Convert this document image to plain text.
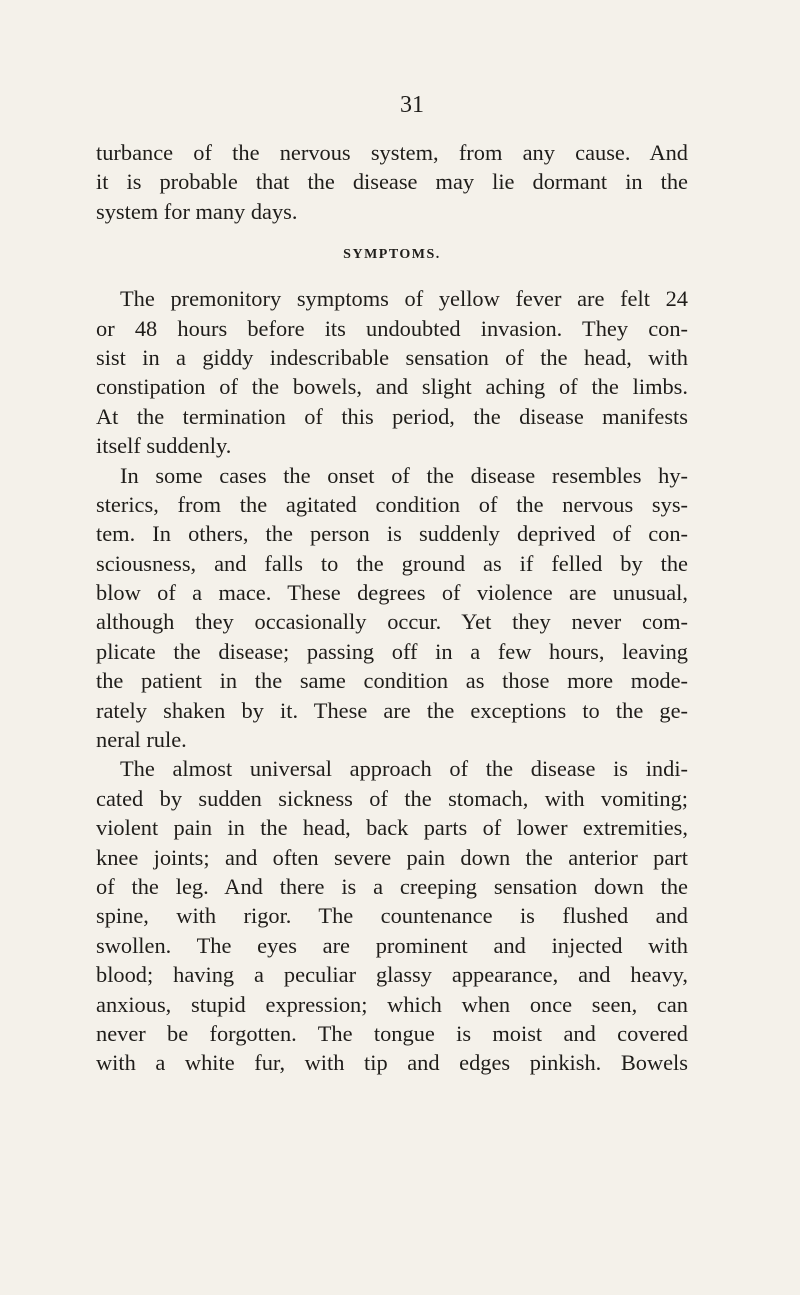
31
turbance of the nervous system, from any cause. And
it is probable that the disease may lie dormant in the
system for many days.
SYMPTOMS.
The premonitory symptoms of yellow fever are felt 24
or 48 hours before its undoubted invasion. They con-
sist in a giddy indescribable sensation of the head, with
constipation of the bowels, and slight aching of the limbs.
At the termination of this period, the disease manifests
itself suddenly.
In some cases the onset of the disease resembles hy-
sterics, from the agitated condition of the nervous sys-
tem. In others, the person is suddenly deprived of con-
sciousness, and falls to the ground as if felled by the
blow of a mace. These degrees of violence are unusual,
although they occasionally occur. Yet they never com-
plicate the disease; passing off in a few hours, leaving
the patient in the same condition as those more mode-
rately shaken by it. These are the exceptions to the ge-
neral rule.
The almost universal approach of the disease is indi-
cated by sudden sickness of the stomach, with vomiting;
violent pain in the head, back parts of lower extremities,
knee joints; and often severe pain down the anterior part
of the leg. And there is a creeping sensation down the
spine, with rigor. The countenance is flushed and
swollen. The eyes are prominent and injected with
blood; having a peculiar glassy appearance, and heavy,
anxious, stupid expression; which when once seen, can
never be forgotten. The tongue is moist and covered
with a white fur, with tip and edges pinkish. Bowels
